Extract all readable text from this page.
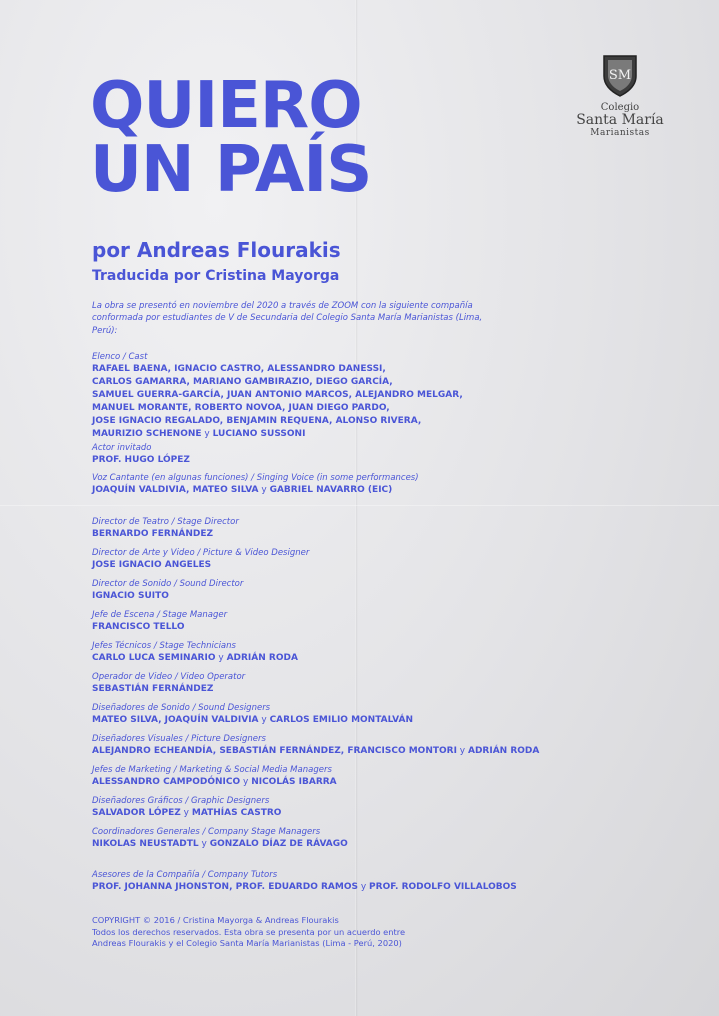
QUIERO
UN PAÍS
por Andreas Flourakis
Traducida por Cristina Mayorga
La obra se presentó en noviembre del 2020 a través de ZOOM con la siguiente compañía conformada por estudiantes de V de Secundaria del Colegio Santa María Marianistas (Lima, Perú):
SM
Colegio
Santa María
Marianistas
Elenco / Cast
RAFAEL BAENA, IGNACIO CASTRO, ALESSANDRO DANESSI,
CARLOS GAMARRA, MARIANO GAMBIRAZIO, DIEGO GARCÍA,
SAMUEL GUERRA-GARCÍA, JUAN ANTONIO MARCOS, ALEJANDRO MELGAR,
MANUEL MORANTE, ROBERTO NOVOA, JUAN DIEGO PARDO,
JOSE IGNACIO REGALADO, BENJAMIN REQUENA, ALONSO RIVERA,
MAURIZIO SCHENONE y LUCIANO SUSSONI
Actor invitado
PROF. HUGO LÓPEZ
Voz Cantante (en algunas funciones) / Singing Voice (in some performances)
JOAQUÍN VALDIVIA, MATEO SILVA y GABRIEL NAVARRO (EIC)
Director de Teatro / Stage Director
BERNARDO FERNÁNDEZ
Director de Arte y Video / Picture & Video Designer
JOSE IGNACIO ANGELES
Director de Sonido / Sound Director
IGNACIO SUITO
Jefe de Escena / Stage Manager
FRANCISCO TELLO
Jefes Técnicos / Stage Technicians
CARLO LUCA SEMINARIO y ADRIÁN RODA
Operador de Video / Video Operator
SEBASTIÁN FERNÁNDEZ
Diseñadores de Sonido / Sound Designers
MATEO SILVA, JOAQUÍN VALDIVIA y CARLOS EMILIO MONTALVÁN
Diseñadores Visuales / Picture Designers
ALEJANDRO ECHEANDÍA, SEBASTIÁN FERNÁNDEZ, FRANCISCO MONTORI y ADRIÁN RODA
Jefes de Marketing / Marketing & Social Media Managers
ALESSANDRO CAMPODÓNICO y NICOLÁS IBARRA
Diseñadores Gráficos / Graphic Designers
SALVADOR LÓPEZ y MATHÍAS CASTRO
Coordinadores Generales / Company Stage Managers
NIKOLAS NEUSTADTL y GONZALO DÍAZ DE RÁVAGO
Asesores de la Compañía / Company Tutors
PROF. JOHANNA JHONSTON, PROF. EDUARDO RAMOS y PROF. RODOLFO VILLALOBOS
COPYRIGHT © 2016 / Cristina Mayorga & Andreas Flourakis
Todos los derechos reservados. Esta obra se presenta por un acuerdo entre
Andreas Flourakis y el Colegio Santa María Marianistas (Lima - Perú, 2020)
